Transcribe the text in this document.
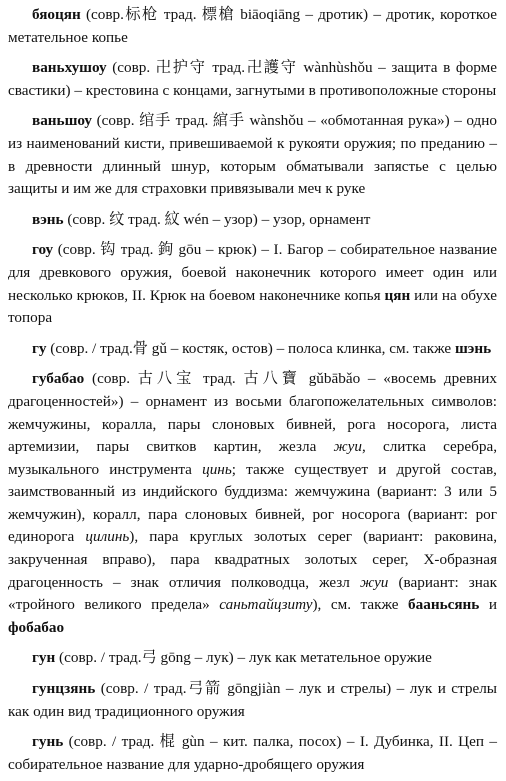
бяоцян (совр.标枪 трад. 標槍 biāoqiāng – дротик) – дротик, короткое метательное копье

ваньхушоу (совр. 卍护守 трад.卍護守 wànhùshǒu – защита в форме свастики) – крестовина с концами, загнутыми в противоположные стороны

ваньшоу (совр. 绾手 трад. 綰手 wànshǒu – «обмотанная рука») – одно из наименований кисти, привешиваемой к рукояти оружия; по преданию – в древности длинный шнур, которым обматывали запястье с целью защиты и им же для страховки привязывали меч к руке

вэнь (совр. 纹 трад. 紋 wén – узор) – узор, орнамент

гоу (совр. 钩 трад. 鉤 gōu – крюк) – I. Багор – собирательное название для древкового оружия, боевой наконечник которого имеет один или несколько крюков, II. Крюк на боевом наконечнике копья цян или на обухе топора

гу (совр. / трад.骨 gǔ – костяк, остов) – полоса клинка, см. также шэнь

губабао (совр. 古八宝 трад. 古八寶 gǔbābǎo – «восемь древних драгоценностей») – орнамент из восьми благопожелательных символов: жемчужины, коралла, пары слоновых бивней, рога носорога, листа артемизии, пары свитков картин, жезла жуи, слитка серебра, музыкального инструмента цинь; также существует и другой состав, заимствованный из индийского буддизма: жемчужина (вариант: 3 или 5 жемчужин), коралл, пара слоновых бивней, рог носорога (вариант: рог единорога цилинь), пара круглых золотых серег (вариант: раковина, закрученная вправо), пара квадратных золотых серег, Х-образная драгоценность – знак отличия полководца, жезл жуи (вариант: знак «тройного великого предела» саньтайцзиту), см. также бааньсянь и фобабао

гун (совр. / трад.弓 gōng – лук) – лук как метательное оружие

гунцзянь (совр. / трад.弓箭 gōngjiàn – лук и стрелы) – лук и стрелы как один вид традиционного оружия

гунь (совр. / трад. 棍 gùn – кит. палка, посох) – I. Дубинка, II. Цеп – собирательное название для ударно-дробящего оружия
